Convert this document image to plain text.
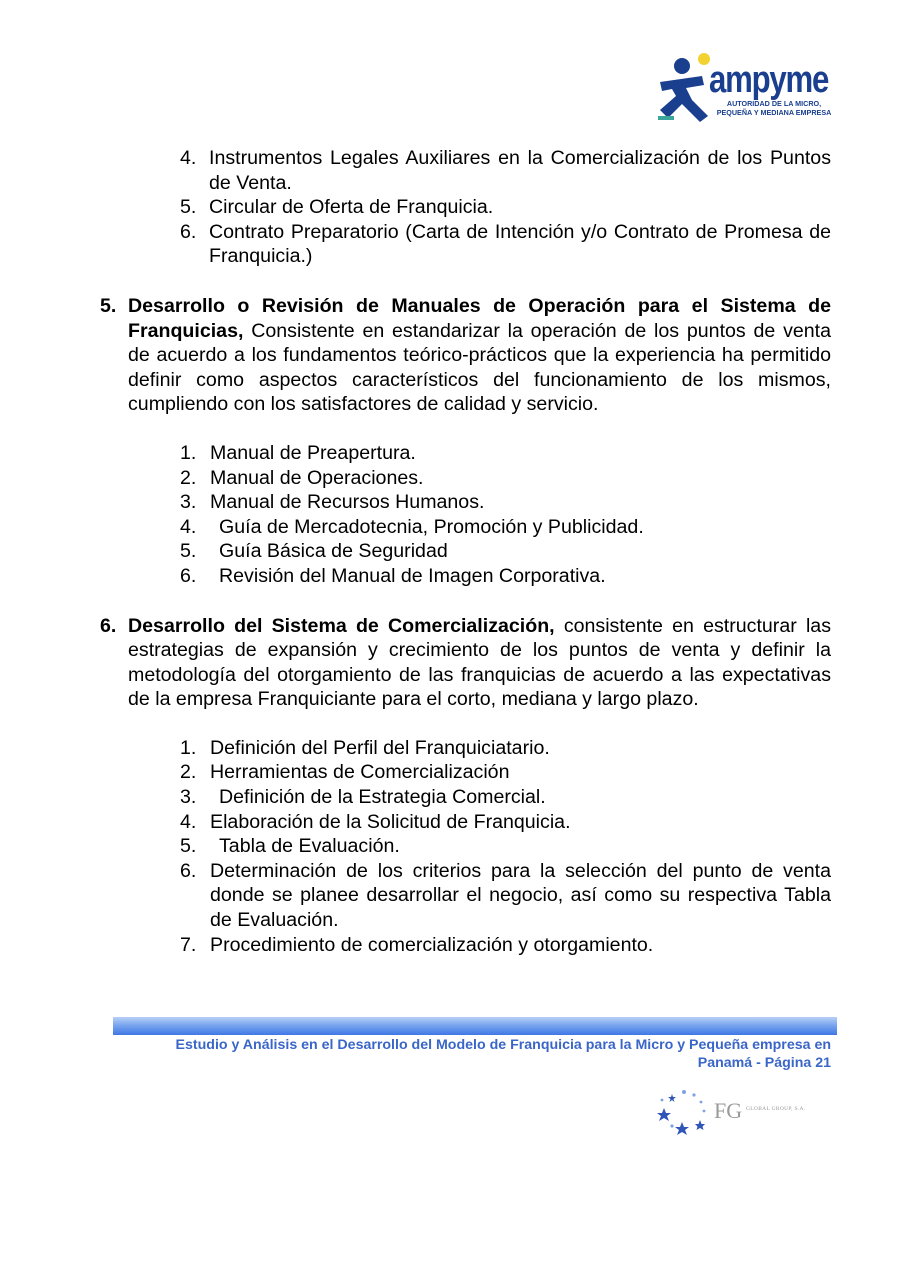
ampyme
AUTORIDAD DE LA MICRO,
PEQUEÑA Y MEDIANA EMPRESA
4. Instrumentos Legales Auxiliares en la Comercialización de los Puntos de Venta.
5. Circular de Oferta de Franquicia.
6. Contrato Preparatorio (Carta de Intención y/o Contrato de Promesa de Franquicia.)
5. Desarrollo o Revisión de Manuales de Operación para el Sistema de Franquicias, Consistente en estandarizar la operación de los puntos de venta de acuerdo a los fundamentos teórico-prácticos que la experiencia ha permitido definir como aspectos característicos del funcionamiento de los mismos, cumpliendo con los satisfactores de calidad y servicio.
1. Manual de Preapertura.
2. Manual de Operaciones.
3. Manual de Recursos Humanos.
4. Guía de Mercadotecnia, Promoción y Publicidad.
5. Guía Básica de Seguridad
6. Revisión del Manual de Imagen Corporativa.
6. Desarrollo del Sistema de Comercialización, consistente en estructurar las estrategias de expansión y crecimiento de los puntos de venta y definir la metodología del otorgamiento de las franquicias de acuerdo a las expectativas de la empresa Franquiciante para el corto, mediana y largo plazo.
1. Definición del Perfil del Franquiciatario.
2. Herramientas de Comercialización
3. Definición de la Estrategia Comercial.
4. Elaboración de la Solicitud de Franquicia.
5. Tabla de Evaluación.
6. Determinación de los criterios para la selección del punto de venta donde se planee desarrollar el negocio, así como su respectiva Tabla de Evaluación.
7. Procedimiento de comercialización y otorgamiento.
Estudio y Análisis en el Desarrollo del Modelo de Franquicia para la Micro y Pequeña empresa en
Panamá - Página 21
FG GLOBAL GROUP, S.A.
